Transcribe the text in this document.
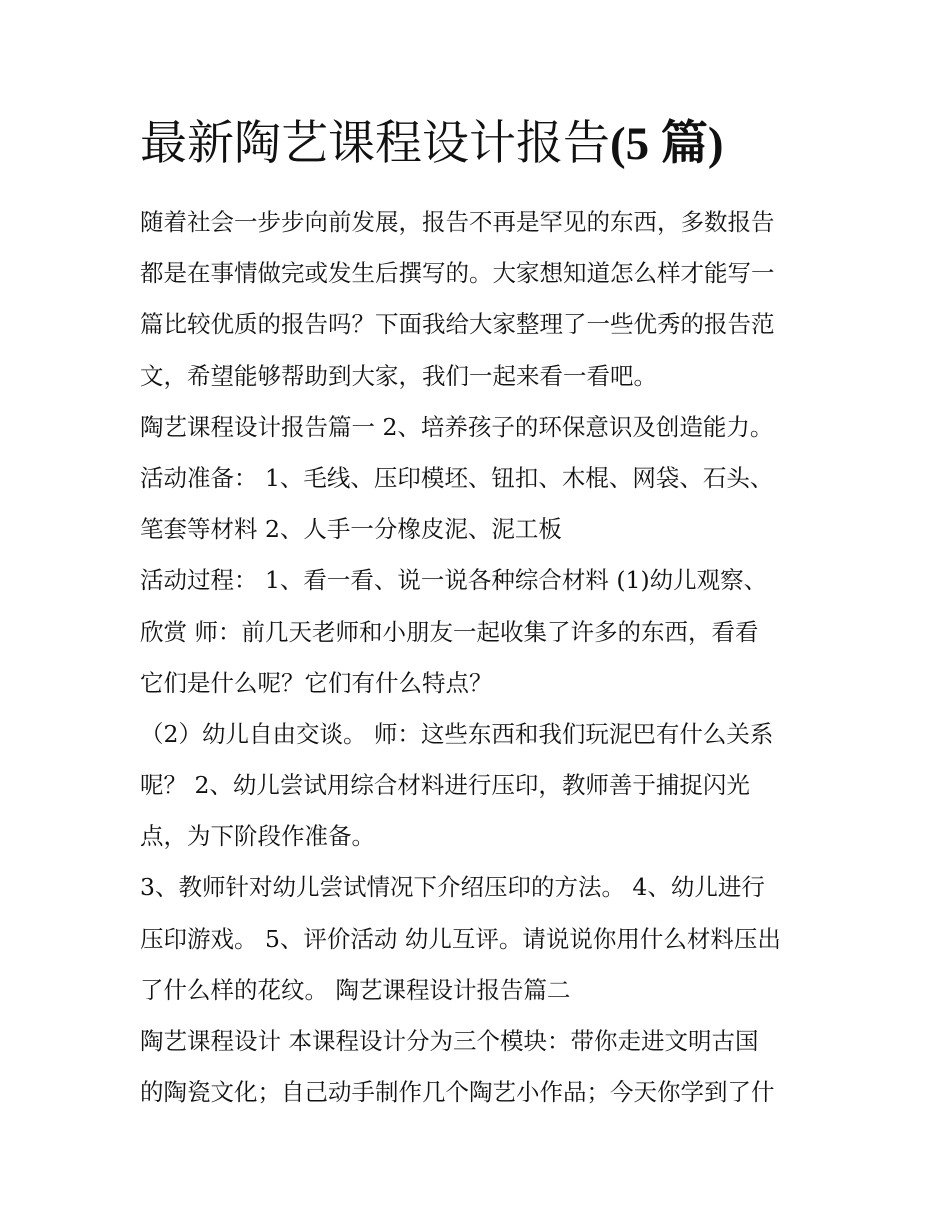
最新陶艺课程设计报告(5 篇)
随着社会一步步向前发展，报告不再是罕见的东西，多数报告
都是在事情做完或发生后撰写的。大家想知道怎么样才能写一
篇比较优质的报告吗？下面我给大家整理了一些优秀的报告范
文，希望能够帮助到大家，我们一起来看一看吧。
陶艺课程设计报告篇一 2、培养孩子的环保意识及创造能力。
活动准备： 1、毛线、压印模坯、钮扣、木棍、网袋、石头、
笔套等材料 2、人手一分橡皮泥、泥工板
活动过程： 1、看一看、说一说各种综合材料 (1)幼儿观察、
欣赏 师：前几天老师和小朋友一起收集了许多的东西，看看
它们是什么呢？它们有什么特点？
（2）幼儿自由交谈。 师：这些东西和我们玩泥巴有什么关系
呢？ 2、幼儿尝试用综合材料进行压印，教师善于捕捉闪光
点，为下阶段作准备。
3、教师针对幼儿尝试情况下介绍压印的方法。 4、幼儿进行
压印游戏。 5、评价活动 幼儿互评。请说说你用什么材料压出
了什么样的花纹。 陶艺课程设计报告篇二
陶艺课程设计 本课程设计分为三个模块：带你走进文明古国
的陶瓷文化；自己动手制作几个陶艺小作品；今天你学到了什
